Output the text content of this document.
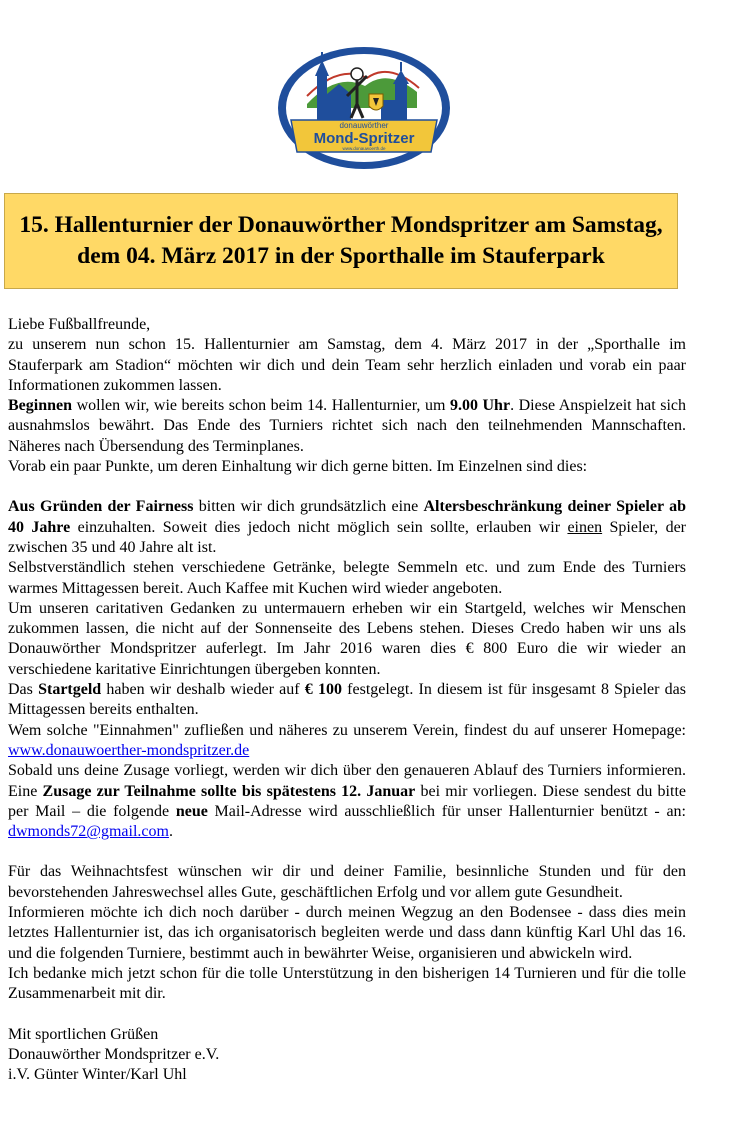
donauwörther
Mond-Spritzer
www.donauwoerth.de
15. Hallenturnier der Donauwörther Mondspritzer am Samstag, dem 04. März 2017 in der Sporthalle im Stauferpark

Liebe Fußballfreunde,

zu unserem nun schon 15. Hallenturnier am Samstag, dem 4. März 2017 in der „Sporthalle im Stauferpark am Stadion“ möchten wir dich und dein Team sehr herzlich einladen und vorab ein paar Informationen zukommen lassen.

Beginnen wollen wir, wie bereits schon beim 14. Hallenturnier, um 9.00 Uhr. Diese Anspielzeit hat sich ausnahmslos bewährt. Das Ende des Turniers richtet sich nach den teilnehmenden Mannschaften. Näheres nach Übersendung des Terminplanes.

Vorab ein paar Punkte, um deren Einhaltung wir dich gerne bitten. Im Einzelnen sind dies:

Aus Gründen der Fairness bitten wir dich grundsätzlich eine Altersbeschränkung deiner Spieler ab 40 Jahre einzuhalten. Soweit dies jedoch nicht möglich sein sollte, erlauben wir einen Spieler, der zwischen 35 und 40 Jahre alt ist.

Selbstverständlich stehen verschiedene Getränke, belegte Semmeln etc. und zum Ende des Turniers warmes Mittagessen bereit. Auch Kaffee mit Kuchen wird wieder angeboten.

Um unseren caritativen Gedanken zu untermauern erheben wir ein Startgeld, welches wir Menschen zukommen lassen, die nicht auf der Sonnenseite des Lebens stehen. Dieses Credo haben wir uns als Donauwörther Mondspritzer auferlegt. Im Jahr 2016 waren dies € 800 Euro die wir wieder an verschiedene karitative Einrichtungen übergeben konnten.

Das Startgeld haben wir deshalb wieder auf € 100 festgelegt. In diesem ist für insgesamt 8 Spieler das Mittagessen bereits enthalten.

Wem solche "Einnahmen" zufließen und näheres zu unserem Verein, findest du auf unserer Homepage: www.donauwoerther-mondspritzer.de

Sobald uns deine Zusage vorliegt, werden wir dich über den genaueren Ablauf des Turniers informieren. Eine Zusage zur Teilnahme sollte bis spätestens 12. Januar bei mir vorliegen. Diese sendest du bitte per Mail – die folgende neue Mail-Adresse wird ausschließlich für unser Hallenturnier benützt - an: dwmonds72@gmail.com.

Für das Weihnachtsfest wünschen wir dir und deiner Familie, besinnliche Stunden und für den bevorstehenden Jahreswechsel alles Gute, geschäftlichen Erfolg und vor allem gute Gesundheit.

Informieren möchte ich dich noch darüber - durch meinen Wegzug an den Bodensee - dass dies mein letztes Hallenturnier ist, das ich organisatorisch begleiten werde und dass dann künftig Karl Uhl das 16. und die folgenden Turniere, bestimmt auch in bewährter Weise, organisieren und abwickeln wird.

Ich bedanke mich jetzt schon für die tolle Unterstützung in den bisherigen 14 Turnieren und für die tolle Zusammenarbeit mit dir.

Mit sportlichen Grüßen

Donauwörther Mondspritzer e.V.

i.V. Günter Winter/Karl Uhl
